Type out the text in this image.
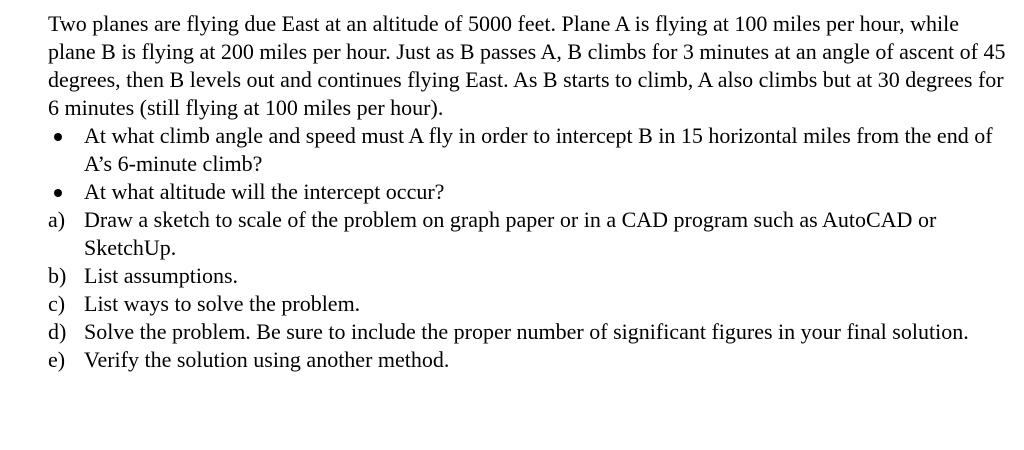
Two planes are flying due East at an altitude of 5000 feet. Plane A is flying at 100 miles per hour, while plane B is flying at 200 miles per hour. Just as B passes A, B climbs for 3 minutes at an angle of ascent of 45 degrees, then B levels out and continues flying East. As B starts to climb, A also climbs but at 30 degrees for 6 minutes (still flying at 100 miles per hour).

At what climb angle and speed must A fly in order to intercept B in 15 horizontal miles from the end of A’s 6-minute climb?
At what altitude will the intercept occur?
a) Draw a sketch to scale of the problem on graph paper or in a CAD program such as AutoCAD or SketchUp.
b) List assumptions.
c) List ways to solve the problem.
d) Solve the problem. Be sure to include the proper number of significant figures in your final solution.
e) Verify the solution using another method.
